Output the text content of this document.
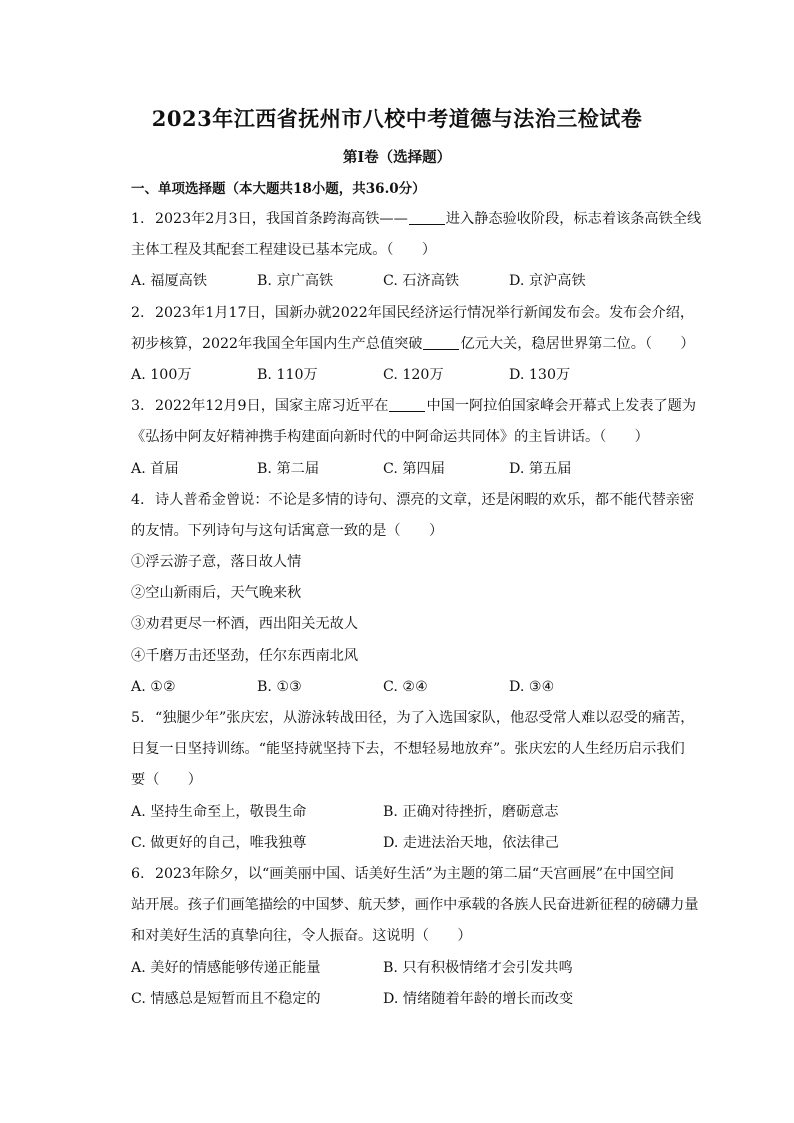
2023年江西省抚州市八校中考道德与法治三检试卷
第I卷（选择题）
一、单项选择题（本大题共18小题，共36.0分）
1. 2023年2月3日，我国首条跨海高铁——	进入静态验收阶段，标志着该条高铁全线
主体工程及其配套工程建设已基本完成。（　　）
A. 福厦高铁	B. 京广高铁	C. 石济高铁	D. 京沪高铁
2. 2023年1月17日，国新办就2022年国民经济运行情况举行新闻发布会。发布会介绍，
初步核算，2022年我国全年国内生产总值突破	亿元大关，稳居世界第二位。（　　）
A. 100万	B. 110万	C. 120万	D. 130万
3. 2022年12月9日，国家主席习近平在	中国一阿拉伯国家峰会开幕式上发表了题为
《弘扬中阿友好精神携手构建面向新时代的中阿命运共同体》的主旨讲话。（　　）
A. 首届	B. 第二届	C. 第四届	D. 第五届
4. 诗人普希金曾说：不论是多情的诗句、漂亮的文章，还是闲暇的欢乐，都不能代替亲密
的友情。下列诗句与这句话寓意一致的是（　　）
①浮云游子意，落日故人情
②空山新雨后，天气晚来秋
③劝君更尽一杯酒，西出阳关无故人
④千磨万击还坚劲，任尔东西南北风
A. ①②	B. ①③	C. ②④	D. ③④
5. “独腿少年”张庆宏，从游泳转战田径，为了入选国家队，他忍受常人难以忍受的痛苦，
日复一日坚持训练。“能坚持就坚持下去，不想轻易地放弃”。张庆宏的人生经历启示我们
要（　　）
A. 坚持生命至上，敬畏生命	B. 正确对待挫折，磨砺意志
C. 做更好的自己，唯我独尊	D. 走进法治天地，依法律己
6. 2023年除夕，以“画美丽中国、话美好生活”为主题的第二届“天宫画展”在中国空间
站开展。孩子们画笔描绘的中国梦、航天梦，画作中承载的各族人民奋进新征程的磅礴力量
和对美好生活的真挚向往，令人振奋。这说明（　　）
A. 美好的情感能够传递正能量	B. 只有积极情绪才会引发共鸣
C. 情感总是短暂而且不稳定的	D. 情绪随着年龄的增长而改变
